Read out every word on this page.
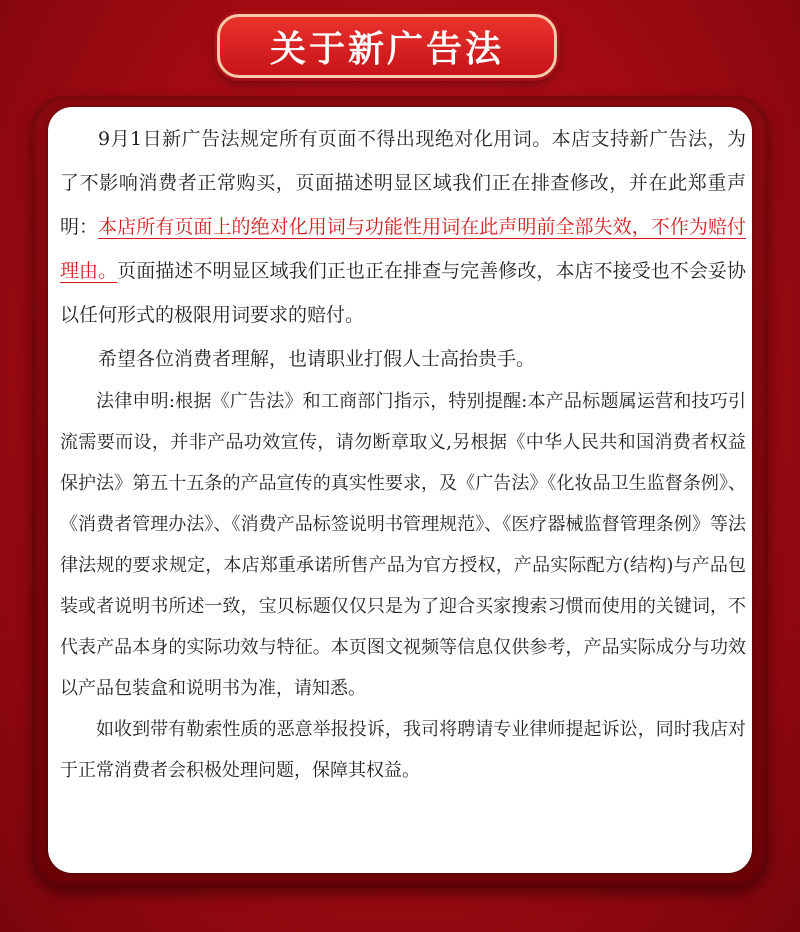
关于新广告法

9月1日新广告法规定所有页面不得出现绝对化用词。本店支持新广告法，为了不影响消费者正常购买，页面描述明显区域我们正在排查修改，并在此郑重声明：本店所有页面上的绝对化用词与功能性用词在此声明前全部失效，不作为赔付理由。页面描述不明显区域我们正也正在排查与完善修改，本店不接受也不会妥协以任何形式的极限用词要求的赔付。

希望各位消费者理解，也请职业打假人士高抬贵手。

法律申明:根据《广告法》和工商部门指示，特别提醒:本产品标题属运营和技巧引流需要而设，并非产品功效宣传，请勿断章取义,另根据《中华人民共和国消费者权益保护法》第五十五条的产品宣传的真实性要求，及《广告法》《化妆品卫生监督条例》、《消费者管理办法》、《消费产品标签说明书管理规范》、《医疗器械监督管理条例》等法律法规的要求规定，本店郑重承诺所售产品为官方授权，产品实际配方(结构)与产品包装或者说明书所述一致，宝贝标题仅仅只是为了迎合买家搜索习惯而使用的关键词，不代表产品本身的实际功效与特征。本页图文视频等信息仅供参考，产品实际成分与功效以产品包装盒和说明书为准，请知悉。

如收到带有勒索性质的恶意举报投诉，我司将聘请专业律师提起诉讼，同时我店对于正常消费者会积极处理问题，保障其权益。
